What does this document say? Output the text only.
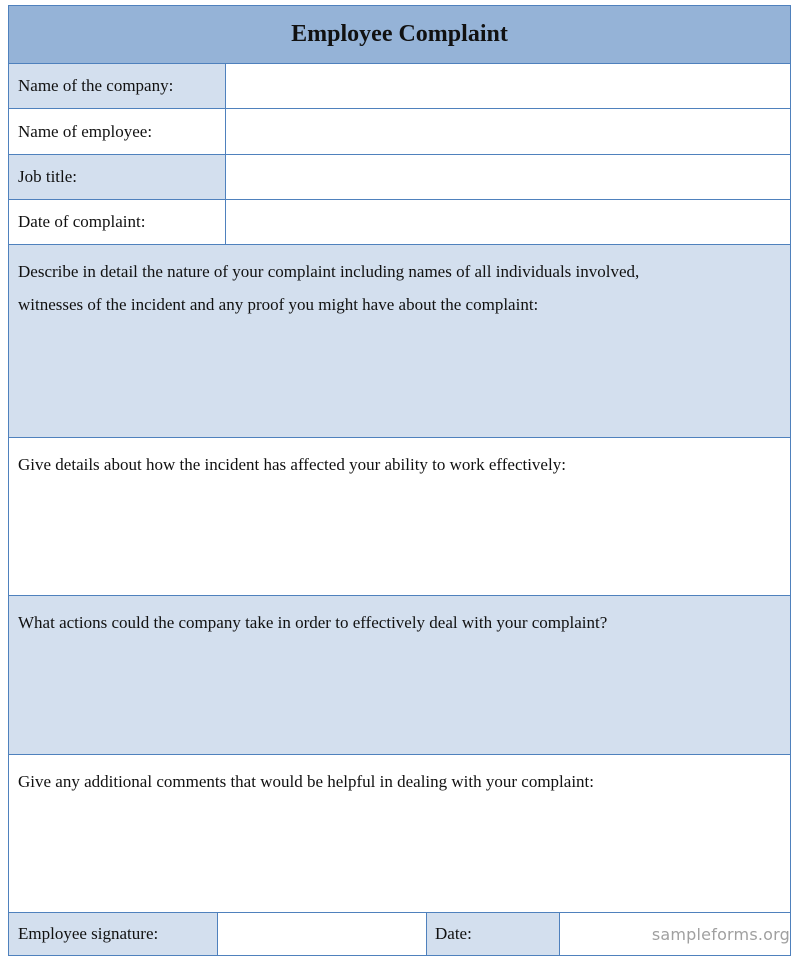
Employee Complaint
Name of the company:
Name of employee:
Job title:
Date of complaint:
Describe in detail the nature of your complaint including names of all individuals involved,
witnesses of the incident and any proof you might have about the complaint:
Give details about how the incident has affected your ability to work effectively:
What actions could the company take in order to effectively deal with your complaint?
Give any additional comments that would be helpful in dealing with your complaint:
Employee signature:	Date:	sampleforms.org
